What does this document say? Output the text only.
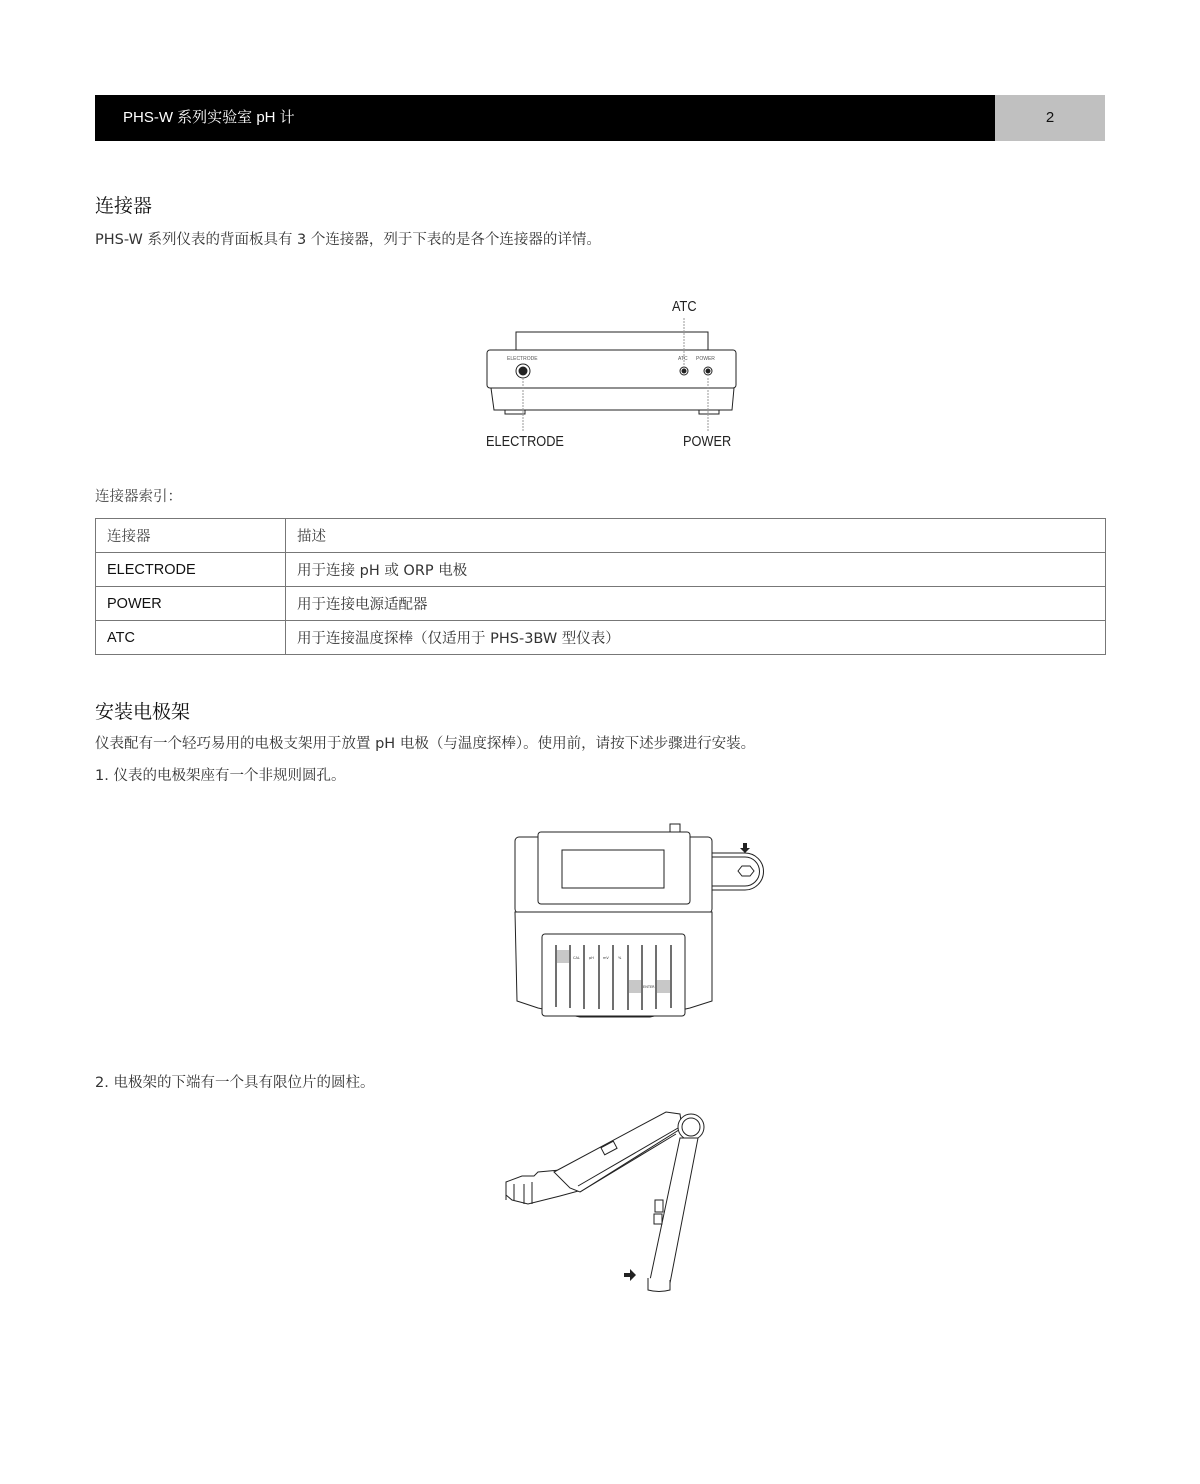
PHS-W 系列实验室 pH 计	2
连接器
PHS-W 系列仪表的背面板具有 3 个连接器，列于下表的是各个连接器的详情。
ELECTRODE	ATC POWER
ATC
ELECTRODE	POWER
连接器索引：
连接器	描述
ELECTRODE	用于连接 pH 或 ORP 电极
POWER	用于连接电源适配器
ATC	用于连接温度探棒（仅适用于 PHS-3BW 型仪表）
安装电极架
仪表配有一个轻巧易用的电极支架用于放置 pH 电极（与温度探棒）。使用前，请按下述步骤进行安装。
1. 仪表的电极架座有一个非规则圆孔。
CAL	pH	mV	%
ENTER
2. 电极架的下端有一个具有限位片的圆柱。
